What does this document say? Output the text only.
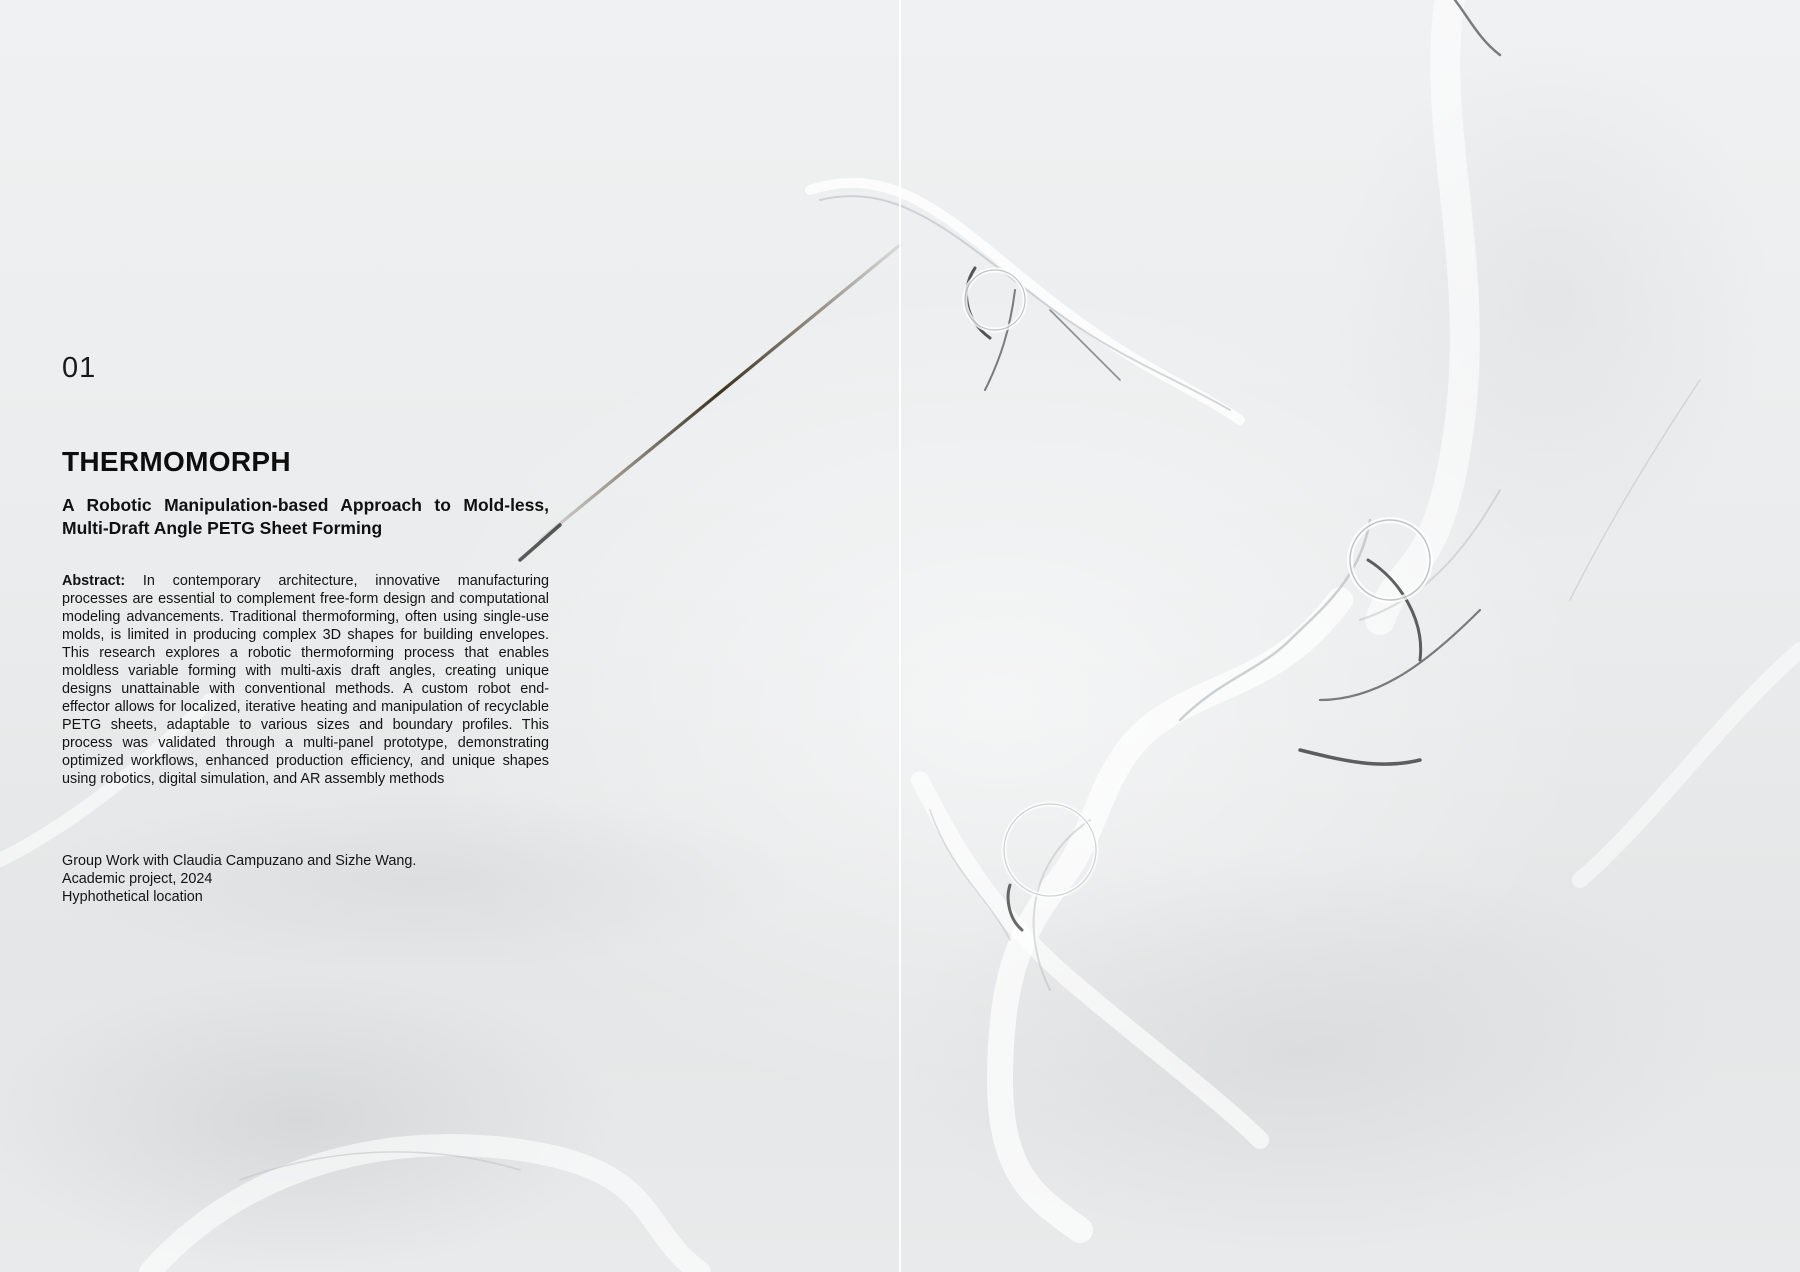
01
THERMOMORPH
A Robotic Manipulation-based Approach to Mold-less, Multi-Draft Angle PETG Sheet Forming
Abstract: In contemporary architecture, innovative manufacturing processes are essential to complement free-form design and computational modeling advancements. Traditional thermoforming, often using single-use molds, is limited in producing complex 3D shapes for building envelopes. This research explores a robotic thermoforming process that enables moldless variable forming with multi-axis draft angles, creating unique designs unattainable with conventional methods. A custom robot end-effector allows for localized, iterative heating and manipulation of recyclable PETG sheets, adaptable to various sizes and boundary profiles. This process was validated through a multi-panel prototype, demonstrating optimized workflows, enhanced production efficiency, and unique shapes using robotics, digital simulation, and AR assembly methods
Group Work with Claudia Campuzano and Sizhe Wang.
Academic project, 2024
Hyphothetical location
